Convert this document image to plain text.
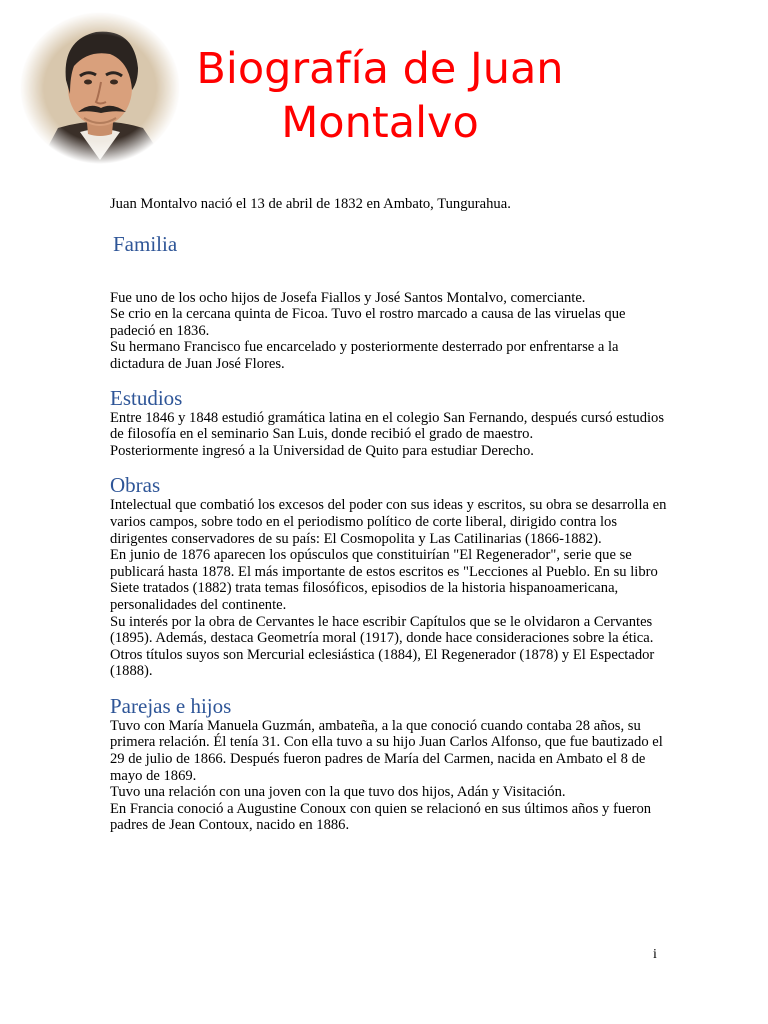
Biografía de Juan Montalvo

Juan Montalvo nació el 13 de abril de 1832 en Ambato, Tungurahua.

Familia

Fue uno de los ocho hijos de Josefa Fiallos y José Santos Montalvo, comerciante.

Se crio en la cercana quinta de Ficoa. Tuvo el rostro marcado a causa de las viruelas que padeció en 1836.

Su hermano Francisco fue encarcelado y posteriormente desterrado por enfrentarse a la dictadura de Juan José Flores.

Estudios

Entre 1846 y 1848 estudió gramática latina en el colegio San Fernando, después cursó estudios de filosofía en el seminario San Luis, donde recibió el grado de maestro.

Posteriormente ingresó a la Universidad de Quito para estudiar Derecho.

Obras

Intelectual que combatió los excesos del poder con sus ideas y escritos, su obra se desarrolla en varios campos, sobre todo en el periodismo político de corte liberal, dirigido contra los dirigentes conservadores de su país: El Cosmopolita y Las Catilinarias (1866-1882).

En junio de 1876 aparecen los opúsculos que constituirían "El Regenerador", serie que se publicará hasta 1878. El más importante de estos escritos es "Lecciones al Pueblo. En su libro Siete tratados (1882) trata temas filosóficos, episodios de la historia hispanoamericana, personalidades del continente.

Su interés por la obra de Cervantes le hace escribir Capítulos que se le olvidaron a Cervantes (1895). Además, destaca Geometría moral (1917), donde hace consideraciones sobre la ética. Otros títulos suyos son Mercurial eclesiástica (1884), El Regenerador (1878) y El Espectador (1888).

Parejas e hijos

Tuvo con María Manuela Guzmán, ambateña, a la que conoció cuando contaba 28 años, su primera relación. Él tenía 31. Con ella tuvo a su hijo Juan Carlos Alfonso, que fue bautizado el 29 de julio de 1866. Después fueron padres de María del Carmen, nacida en Ambato el 8 de mayo de 1869.

Tuvo una relación con una joven con la que tuvo dos hijos, Adán y Visitación.

En Francia conoció a Augustine Conoux con quien se relacionó en sus últimos años y fueron padres de Jean Contoux, nacido en 1886.

i
